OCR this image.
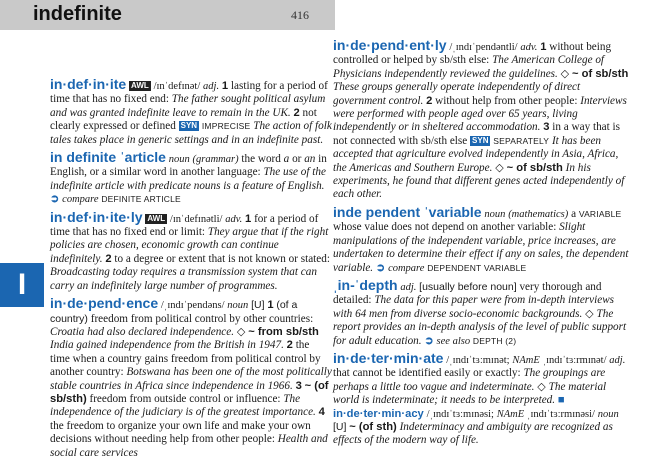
indefinite	416
I
in·def·in·ite AWL /ɪnˈdefɪnət/ adj. 1 lasting for a period of time that has no fixed end: The father sought political asylum and was granted indefinite leave to remain in the UK. 2 not clearly expressed or defined SYN IMPRECISE The action of folk tales takes place in generic settings and in an indefinite past.
in definite ˈarticle noun (grammar) the word a or an in English, or a similar word in another language: The use of the indefinite article with predicate nouns is a feature of English. ➲ compare DEFINITE ARTICLE
in·def·in·ite·ly AWL /ɪnˈdefɪnətli/ adv. 1 for a period of time that has no fixed end or limit: They argue that if the right policies are chosen, economic growth can continue indefinitely. 2 to a degree or extent that is not known or stated: Broadcasting today requires a transmission system that can carry an indefinitely large number of programmes.
in·de·pend·ence /ˌɪndɪˈpendəns/ noun [U] 1 (of a country) freedom from political control by other countries: Croatia had also declared independence. ◇ ~ from sb/sth India gained independence from the British in 1947. 2 the time when a country gains freedom from political control by another country: Botswana has been one of the most politically stable countries in Africa since independence in 1966. 3 ~ (of sb/sth) freedom from outside control or influence: The independence of the judiciary is of the greatest importance. 4 the freedom to organize your own life and make your own decisions without needing help from other people: Health and social care services
in·de·pend·ent·ly /ˌɪndɪˈpendəntli/ adv. 1 without being controlled or helped by sb/sth else: The American College of Physicians independently reviewed the guidelines. ◇ ~ of sb/sth These groups generally operate independently of direct government control. 2 without help from other people: Interviews were performed with people aged over 65 years, living independently or in sheltered accommodation. 3 in a way that is not connected with sb/sth else SYN SEPARATELY It has been accepted that agriculture evolved independently in Asia, Africa, the Americas and Southern Europe. ◇ ~ of sb/sth In his experiments, he found that different genes acted independently of each other.
inde pendent ˈvariable noun (mathematics) a VARIABLE whose value does not depend on another variable: Slight manipulations of the independent variable, price increases, are undertaken to determine their effect if any on sales, the dependent variable. ➲ compare DEPENDENT VARIABLE
ˌin-ˈdepth adj. [usually before noun] very thorough and detailed: The data for this paper were from in-depth interviews with 64 men from diverse socio-economic backgrounds. ◇ The report provides an in-depth analysis of the level of public support for adult education. ➲ see also DEPTH (2)
in·de·ter·min·ate /ˌɪndɪˈtɜːmɪnət; NAmE ˌɪndɪˈtɜːrmɪnət/ adj. that cannot be identified easily or exactly: The groupings are perhaps a little too vague and indeterminate. ◇ The material world is indeterminate; it needs to be interpreted. ■ in·de·ter·min·acy /ˌɪndɪˈtɜːmɪnəsi; NAmE ˌɪndɪˈtɜːrmɪnəsi/ noun [U] ~ (of sth) Indeterminacy and ambiguity are recognized as effects of the modern way of life.
